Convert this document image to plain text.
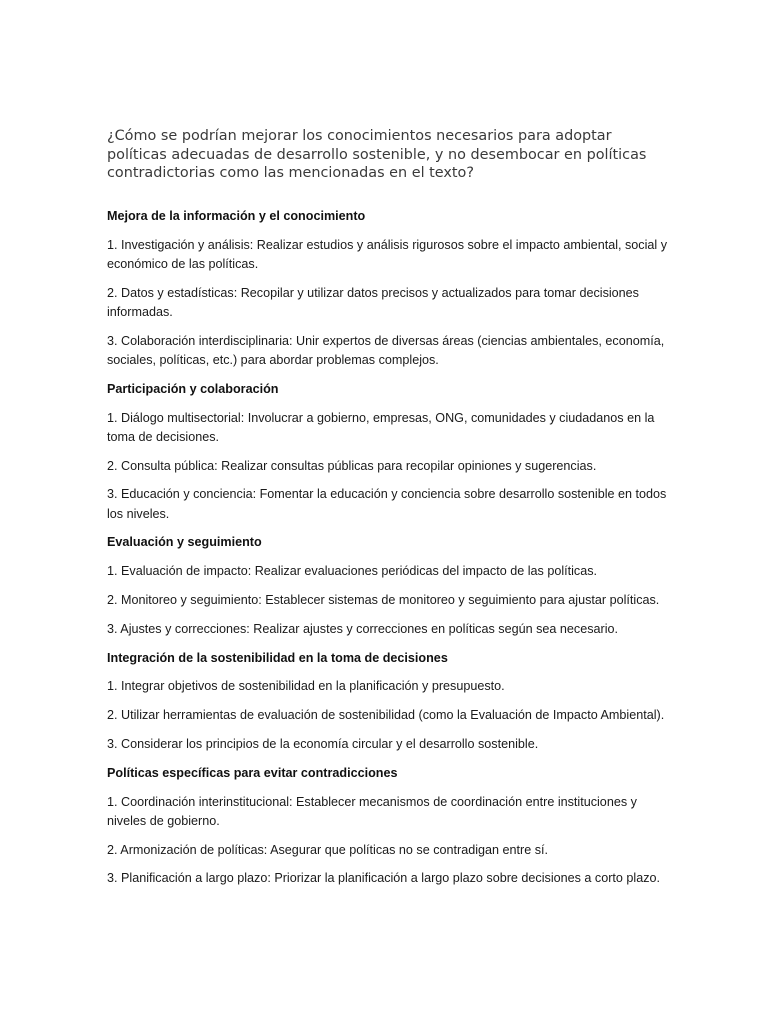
¿Cómo se podrían mejorar los conocimientos necesarios para adoptar políticas adecuadas de desarrollo sostenible, y no desembocar en políticas contradictorias como las mencionadas en el texto?

Mejora de la información y el conocimiento

1. Investigación y análisis: Realizar estudios y análisis rigurosos sobre el impacto ambiental, social y económico de las políticas.

2. Datos y estadísticas: Recopilar y utilizar datos precisos y actualizados para tomar decisiones informadas.

3. Colaboración interdisciplinaria: Unir expertos de diversas áreas (ciencias ambientales, economía, sociales, políticas, etc.) para abordar problemas complejos.

Participación y colaboración

1. Diálogo multisectorial: Involucrar a gobierno, empresas, ONG, comunidades y ciudadanos en la toma de decisiones.

2. Consulta pública: Realizar consultas públicas para recopilar opiniones y sugerencias.

3. Educación y conciencia: Fomentar la educación y conciencia sobre desarrollo sostenible en todos los niveles.

Evaluación y seguimiento

1. Evaluación de impacto: Realizar evaluaciones periódicas del impacto de las políticas.

2. Monitoreo y seguimiento: Establecer sistemas de monitoreo y seguimiento para ajustar políticas.

3. Ajustes y correcciones: Realizar ajustes y correcciones en políticas según sea necesario.

Integración de la sostenibilidad en la toma de decisiones

1. Integrar objetivos de sostenibilidad en la planificación y presupuesto.

2. Utilizar herramientas de evaluación de sostenibilidad (como la Evaluación de Impacto Ambiental).

3. Considerar los principios de la economía circular y el desarrollo sostenible.

Políticas específicas para evitar contradicciones

1. Coordinación interinstitucional: Establecer mecanismos de coordinación entre instituciones y niveles de gobierno.

2. Armonización de políticas: Asegurar que políticas no se contradigan entre sí.

3. Planificación a largo plazo: Priorizar la planificación a largo plazo sobre decisiones a corto plazo.
